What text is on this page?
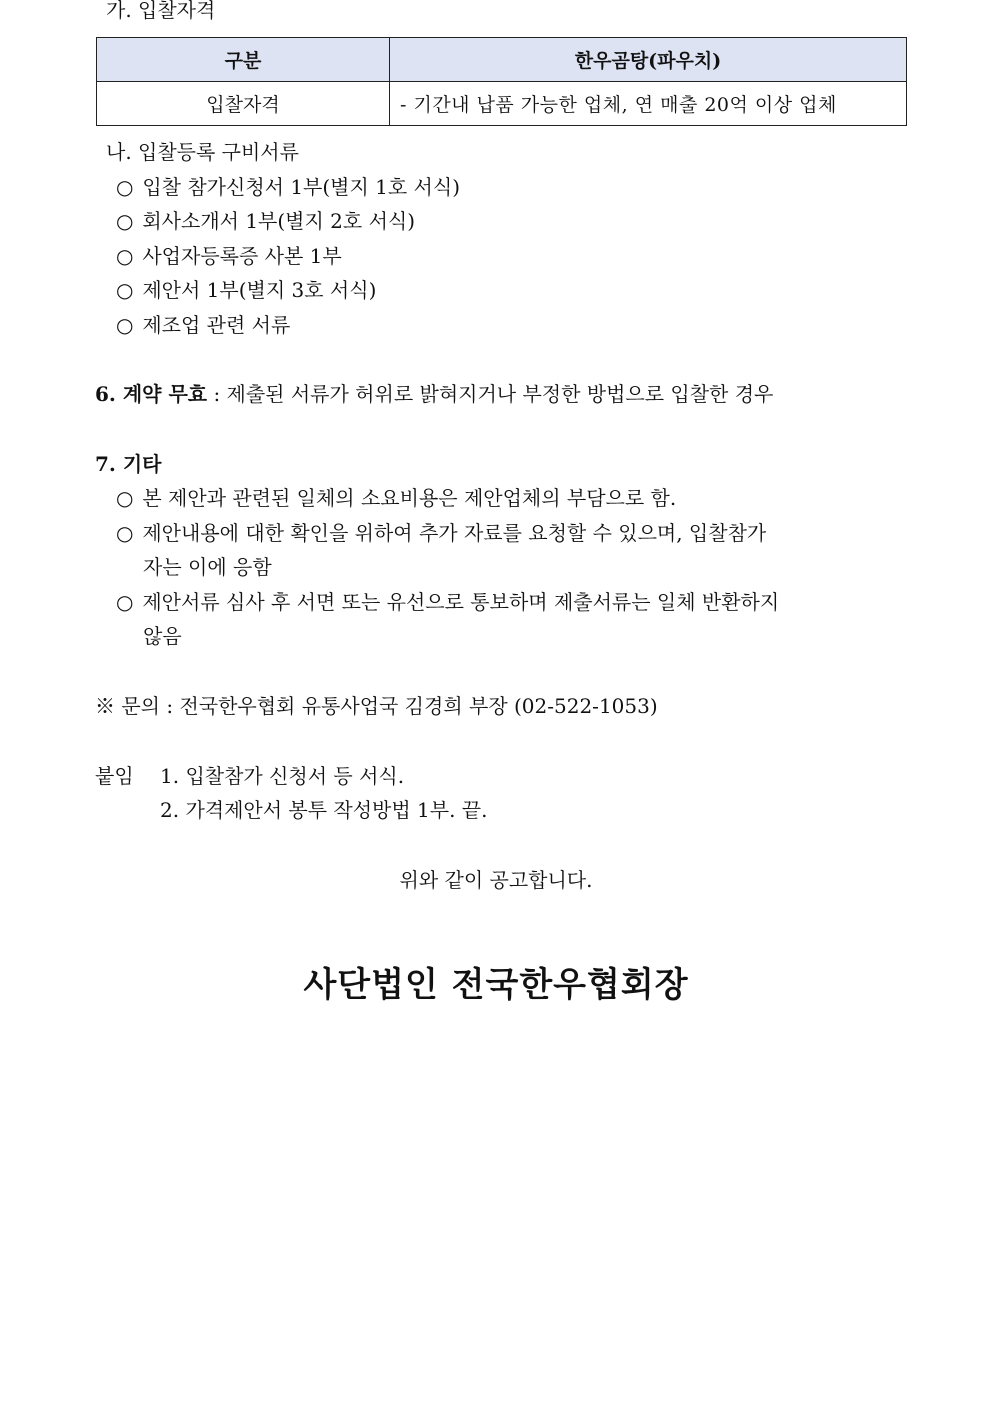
가. 입찰자격
구분	한우곰탕(파우치)
입찰자격	- 기간내 납품 가능한 업체, 연 매출 20억 이상 업체
나. 입찰등록 구비서류
○ 입찰 참가신청서 1부(별지 1호 서식)
○ 회사소개서 1부(별지 2호 서식)
○ 사업자등록증 사본 1부
○ 제안서 1부(별지 3호 서식)
○ 제조업 관련 서류
6. 계약 무효 : 제출된 서류가 허위로 밝혀지거나 부정한 방법으로 입찰한 경우
7. 기타
○ 본 제안과 관련된 일체의 소요비용은 제안업체의 부담으로 함.
○ 제안내용에 대한 확인을 위하여 추가 자료를 요청할 수 있으며, 입찰참가
자는 이에 응함
○ 제안서류 심사 후 서면 또는 유선으로 통보하며 제출서류는 일체 반환하지
않음
※ 문의 : 전국한우협회 유통사업국 김경희 부장 (02-522-1053)
붙임 1. 입찰참가 신청서 등 서식.
2. 가격제안서 봉투 작성방법 1부. 끝.
위와 같이 공고합니다.
사단법인 전국한우협회장
